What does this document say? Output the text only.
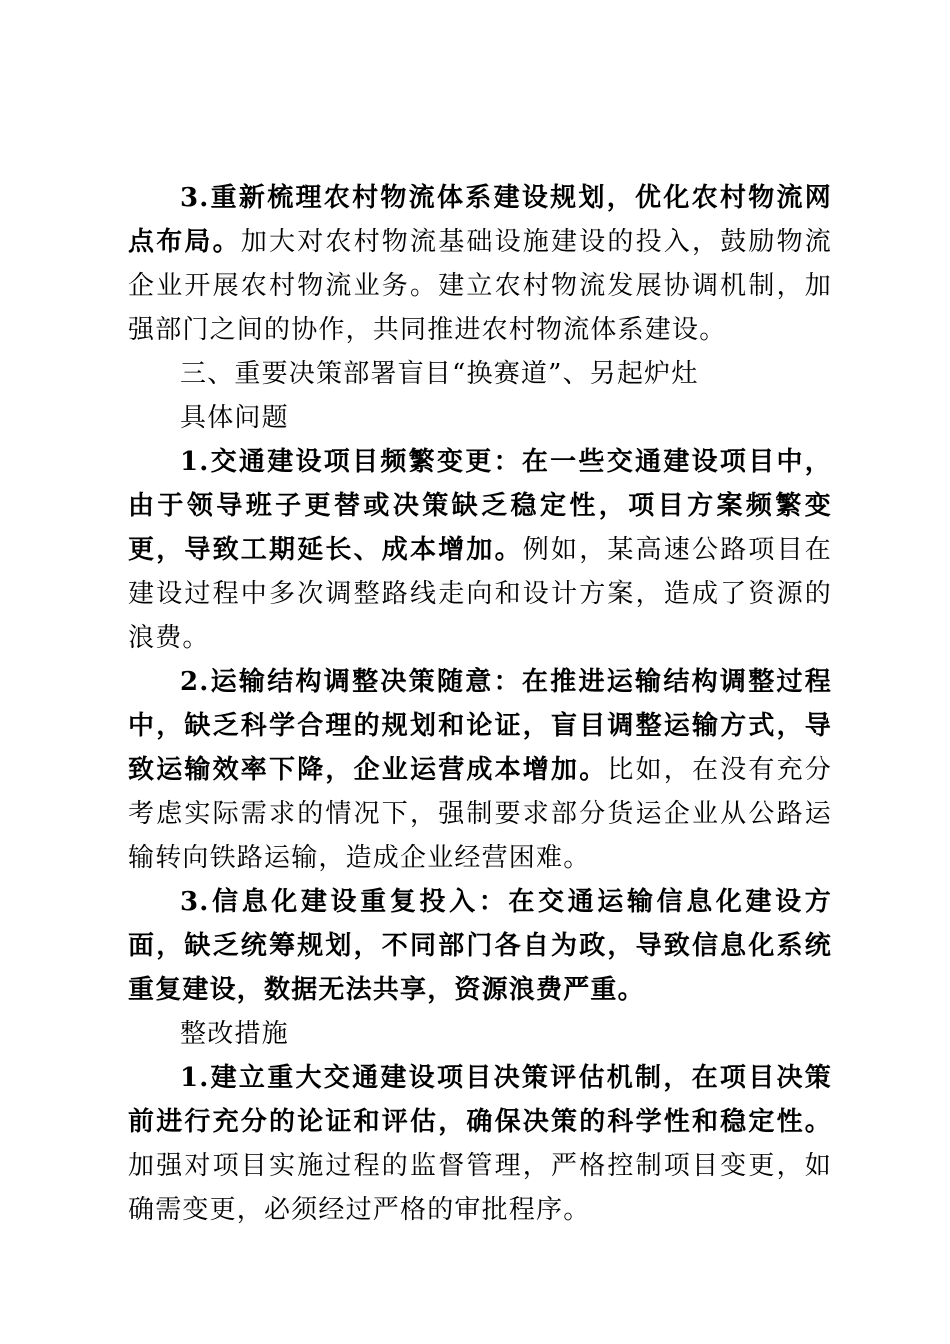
3.重新梳理农村物流体系建设规划，优化农村物流网点布局。加大对农村物流基础设施建设的投入，鼓励物流企业开展农村物流业务。建立农村物流发展协调机制，加强部门之间的协作，共同推进农村物流体系建设。

三、重要决策部署盲目“换赛道”、另起炉灶

具体问题

1.交通建设项目频繁变更：在一些交通建设项目中，由于领导班子更替或决策缺乏稳定性，项目方案频繁变更，导致工期延长、成本增加。例如，某高速公路项目在建设过程中多次调整路线走向和设计方案，造成了资源的浪费。

2.运输结构调整决策随意：在推进运输结构调整过程中，缺乏科学合理的规划和论证，盲目调整运输方式，导致运输效率下降，企业运营成本增加。比如，在没有充分考虑实际需求的情况下，强制要求部分货运企业从公路运输转向铁路运输，造成企业经营困难。

3.信息化建设重复投入：在交通运输信息化建设方面，缺乏统筹规划，不同部门各自为政，导致信息化系统重复建设，数据无法共享，资源浪费严重。

整改措施

1.建立重大交通建设项目决策评估机制，在项目决策前进行充分的论证和评估，确保决策的科学性和稳定性。加强对项目实施过程的监督管理，严格控制项目变更，如确需变更，必须经过严格的审批程序。
